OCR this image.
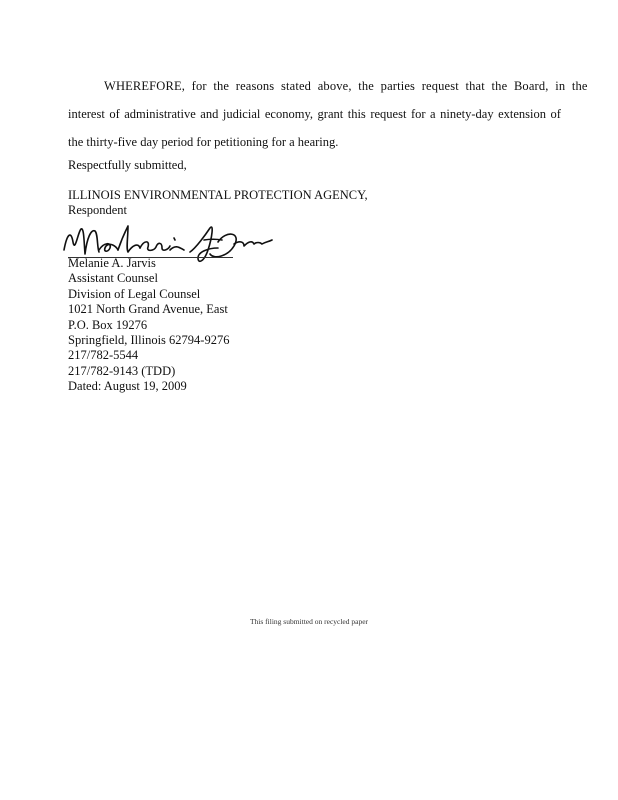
WHEREFORE, for the reasons stated above, the parties request that the Board, in the
interest of administrative and judicial economy, grant this request for a ninety-day extension of
the thirty-five day period for petitioning for a hearing.

Respectfully submitted,

ILLINOIS ENVIRONMENTAL PROTECTION AGENCY,
Respondent
Melanie A. Jarvis
Assistant Counsel
Division of Legal Counsel
1021 North Grand Avenue, East
P.O. Box 19276
Springfield, Illinois 62794-9276
217/782-5544
217/782-9143 (TDD)
Dated: August 19, 2009
This filing submitted on recycled paper
